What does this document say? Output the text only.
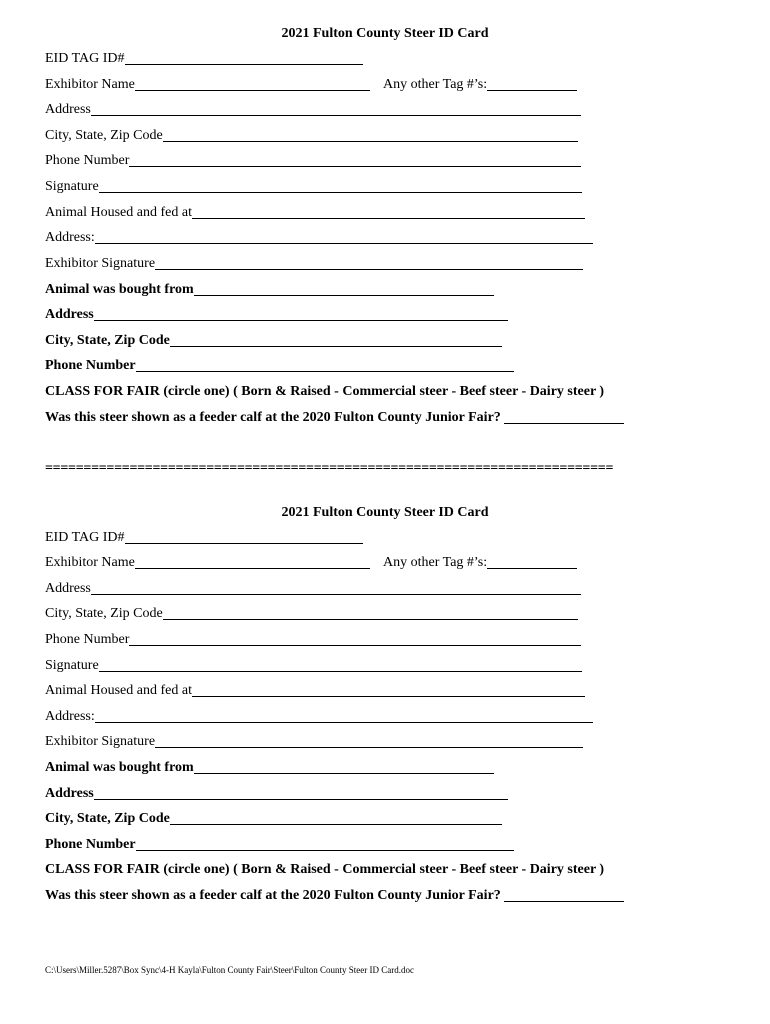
2021 Fulton County Steer ID Card
EID TAG ID#
Exhibitor Name	Any other Tag #’s:
Address
City, State, Zip Code
Phone Number
Signature
Animal Housed and fed at
Address:
Exhibitor Signature
Animal was bought from
Address
City, State, Zip Code
Phone Number
CLASS FOR FAIR (circle one) ( Born & Raised - Commercial steer - Beef steer - Dairy steer )
Was this steer shown as a feeder calf at the 2020 Fulton County Junior Fair?
==========================================================================
2021 Fulton County Steer ID Card
EID TAG ID#
Exhibitor Name	Any other Tag #’s:
Address
City, State, Zip Code
Phone Number
Signature
Animal Housed and fed at
Address:
Exhibitor Signature
Animal was bought from
Address
City, State, Zip Code
Phone Number
CLASS FOR FAIR (circle one) ( Born & Raised - Commercial steer - Beef steer - Dairy steer )
Was this steer shown as a feeder calf at the 2020 Fulton County Junior Fair?
C:\Users\Miller.5287\Box Sync\4-H Kayla\Fulton County Fair\Steer\Fulton County Steer ID Card.doc
